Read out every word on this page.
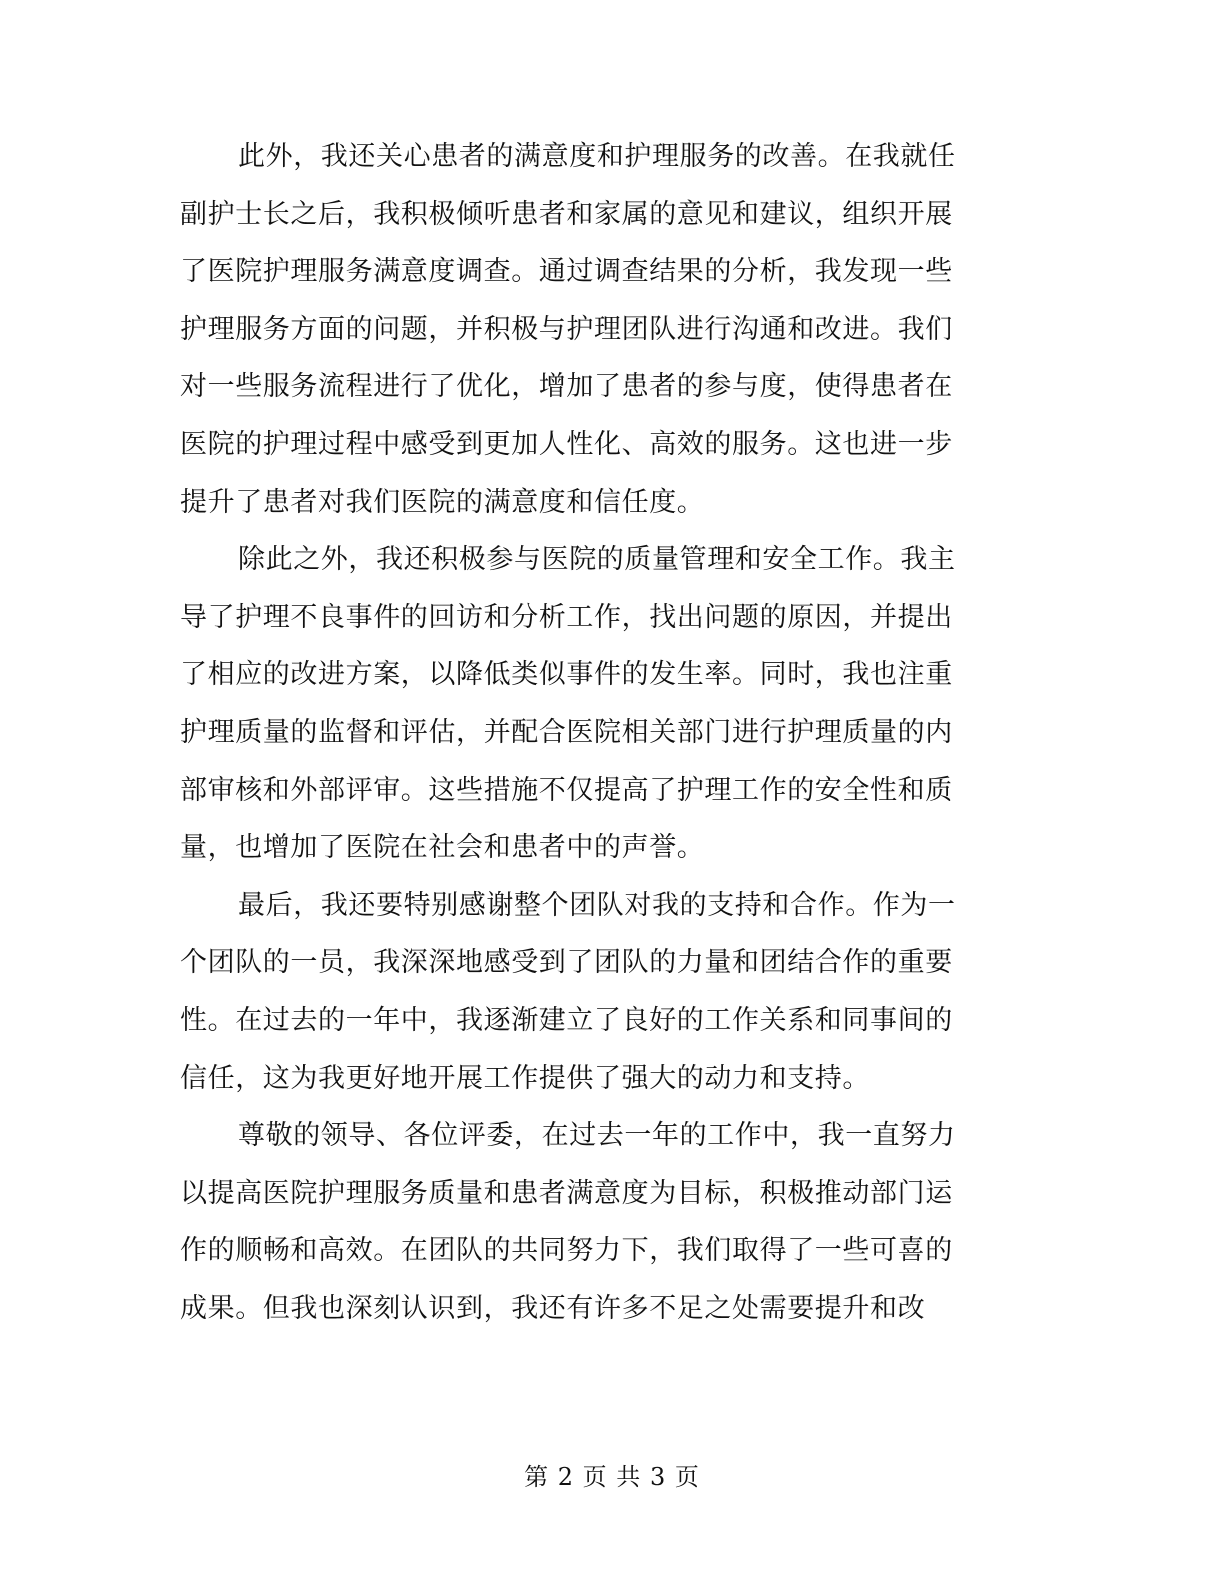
此外，我还关心患者的满意度和护理服务的改善。在我就任
副护士长之后，我积极倾听患者和家属的意见和建议，组织开展
了医院护理服务满意度调查。通过调查结果的分析，我发现一些
护理服务方面的问题，并积极与护理团队进行沟通和改进。我们
对一些服务流程进行了优化，增加了患者的参与度，使得患者在
医院的护理过程中感受到更加人性化、高效的服务。这也进一步
提升了患者对我们医院的满意度和信任度。
除此之外，我还积极参与医院的质量管理和安全工作。我主
导了护理不良事件的回访和分析工作，找出问题的原因，并提出
了相应的改进方案，以降低类似事件的发生率。同时，我也注重
护理质量的监督和评估，并配合医院相关部门进行护理质量的内
部审核和外部评审。这些措施不仅提高了护理工作的安全性和质
量，也增加了医院在社会和患者中的声誉。
最后，我还要特别感谢整个团队对我的支持和合作。作为一
个团队的一员，我深深地感受到了团队的力量和团结合作的重要
性。在过去的一年中，我逐渐建立了良好的工作关系和同事间的
信任，这为我更好地开展工作提供了强大的动力和支持。
尊敬的领导、各位评委，在过去一年的工作中，我一直努力
以提高医院护理服务质量和患者满意度为目标，积极推动部门运
作的顺畅和高效。在团队的共同努力下，我们取得了一些可喜的
成果。但我也深刻认识到，我还有许多不足之处需要提升和改
第 2 页 共 3 页
